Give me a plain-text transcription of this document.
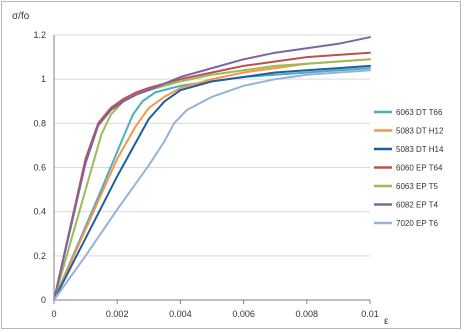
0
0.2
0.4
0.6
0.8
1
1.2
0	0.002	0.004	0.006	0.008	0.01
6063 DT T66
5083 DT H12
5083 DT H14
6060 EP T64
6063 EP T5
6082 EP T4
7020 EP T6
σ/fo
ε
